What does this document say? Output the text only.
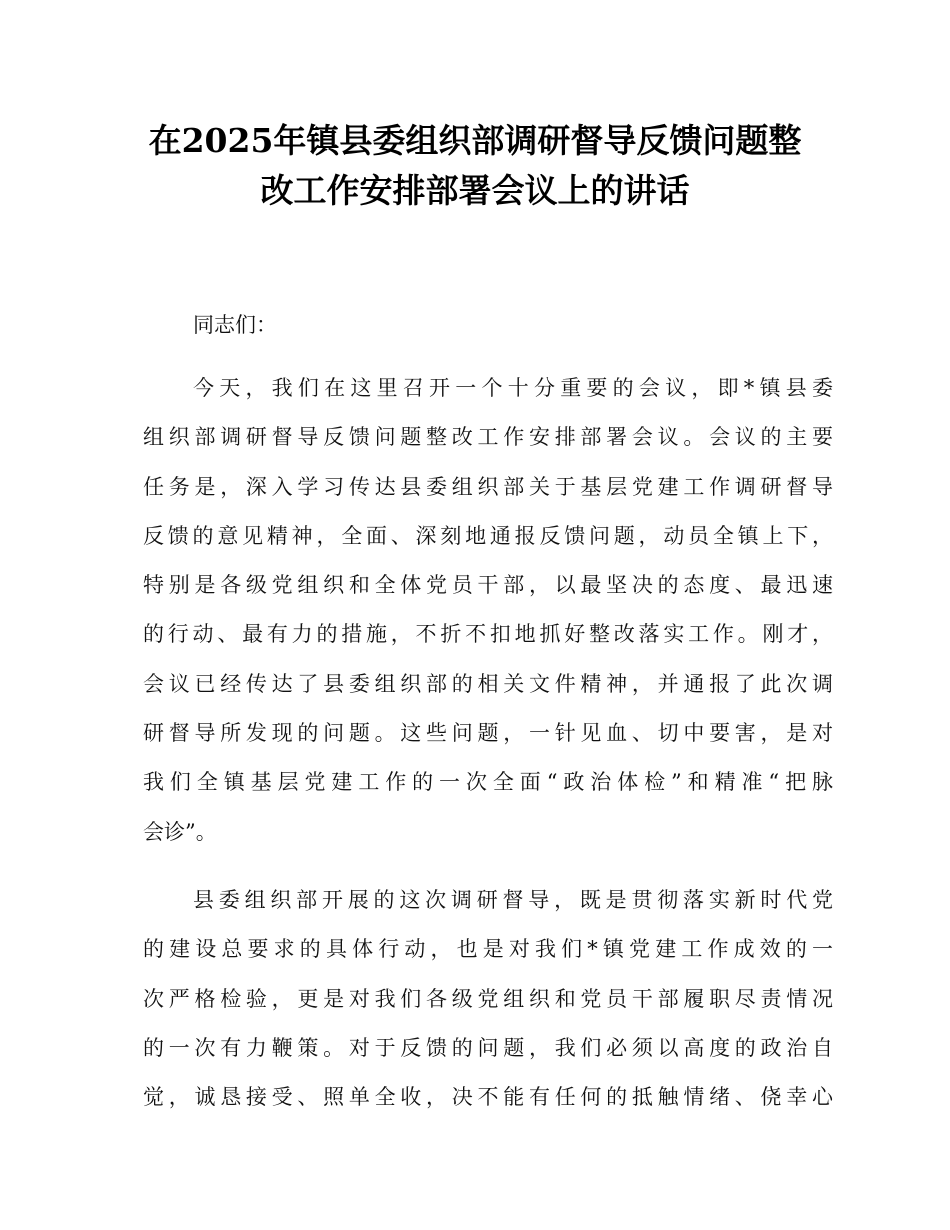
在2025年镇县委组织部调研督导反馈问题整
改工作安排部署会议上的讲话

同志们：

今天，我们在这里召开一个十分重要的会议，即*镇县委
组织部调研督导反馈问题整改工作安排部署会议。会议的主要
任务是，深入学习传达县委组织部关于基层党建工作调研督导
反馈的意见精神，全面、深刻地通报反馈问题，动员全镇上下，
特别是各级党组织和全体党员干部，以最坚决的态度、最迅速
的行动、最有力的措施，不折不扣地抓好整改落实工作。刚才，
会议已经传达了县委组织部的相关文件精神，并通报了此次调
研督导所发现的问题。这些问题，一针见血、切中要害，是对
我们全镇基层党建工作的一次全面“政治体检”和精准“把脉
会诊”。

县委组织部开展的这次调研督导，既是贯彻落实新时代党
的建设总要求的具体行动，也是对我们*镇党建工作成效的一
次严格检验，更是对我们各级党组织和党员干部履职尽责情况
的一次有力鞭策。对于反馈的问题，我们必须以高度的政治自
觉，诚恳接受、照单全收，决不能有任何的抵触情绪、侥幸心
